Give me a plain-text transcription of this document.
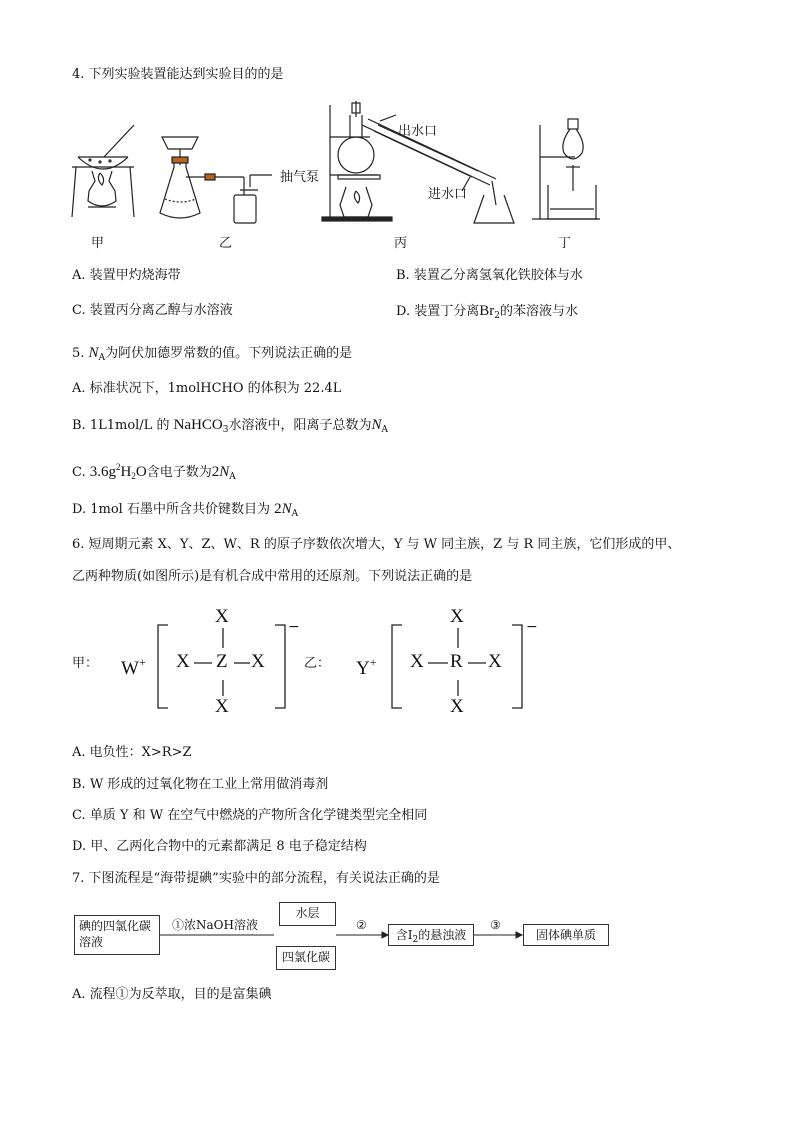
4. 下列实验装置能达到实验目的的是
出水口
进水口
抽气泵
甲	乙	丙	丁
A. 装置甲灼烧海带	B. 装置乙分离氢氧化铁胶体与水
C. 装置丙分离乙醇与水溶液	D. 装置丁分离$Br_2$的苯溶液与水
5. $N_A$为阿伏加德罗常数的值。下列说法正确的是
A. 标准状况下，1molHCHO 的体积为 22.4L
B. 1L1mol/L 的 NaHCO$_3$水溶液中，阳离子总数为$N_A$
C. $3.6g^2H_2O$含电子数为$2N_A$
D. 1mol 石墨中所含共价键数目为 $2N_A$
6. 短周期元素 X、Y、Z、W、R 的原子序数依次增大，Y 与 W 同主族，Z 与 R 同主族，它们形成的甲、
乙两种物质(如图所示)是有机合成中常用的还原剂。下列说法正确的是
甲： W+
X
X Z X
X
−
乙： Y+
X
X R X
X
−
A. 电负性：X>R>Z
B. W 形成的过氧化物在工业上常用做消毒剂
C. 单质 Y 和 W 在空气中燃烧的产物所含化学键类型完全相同
D. 甲、乙两化合物中的元素都满足 8 电子稳定结构
7. 下图流程是“海带提碘”实验中的部分流程，有关说法正确的是
碘的四氯化碳
溶液
①浓NaOH溶液
水层
四氯化碳
②
含$I_2$的悬浊液
③
固体碘单质
A. 流程①为反萃取，目的是富集碘
